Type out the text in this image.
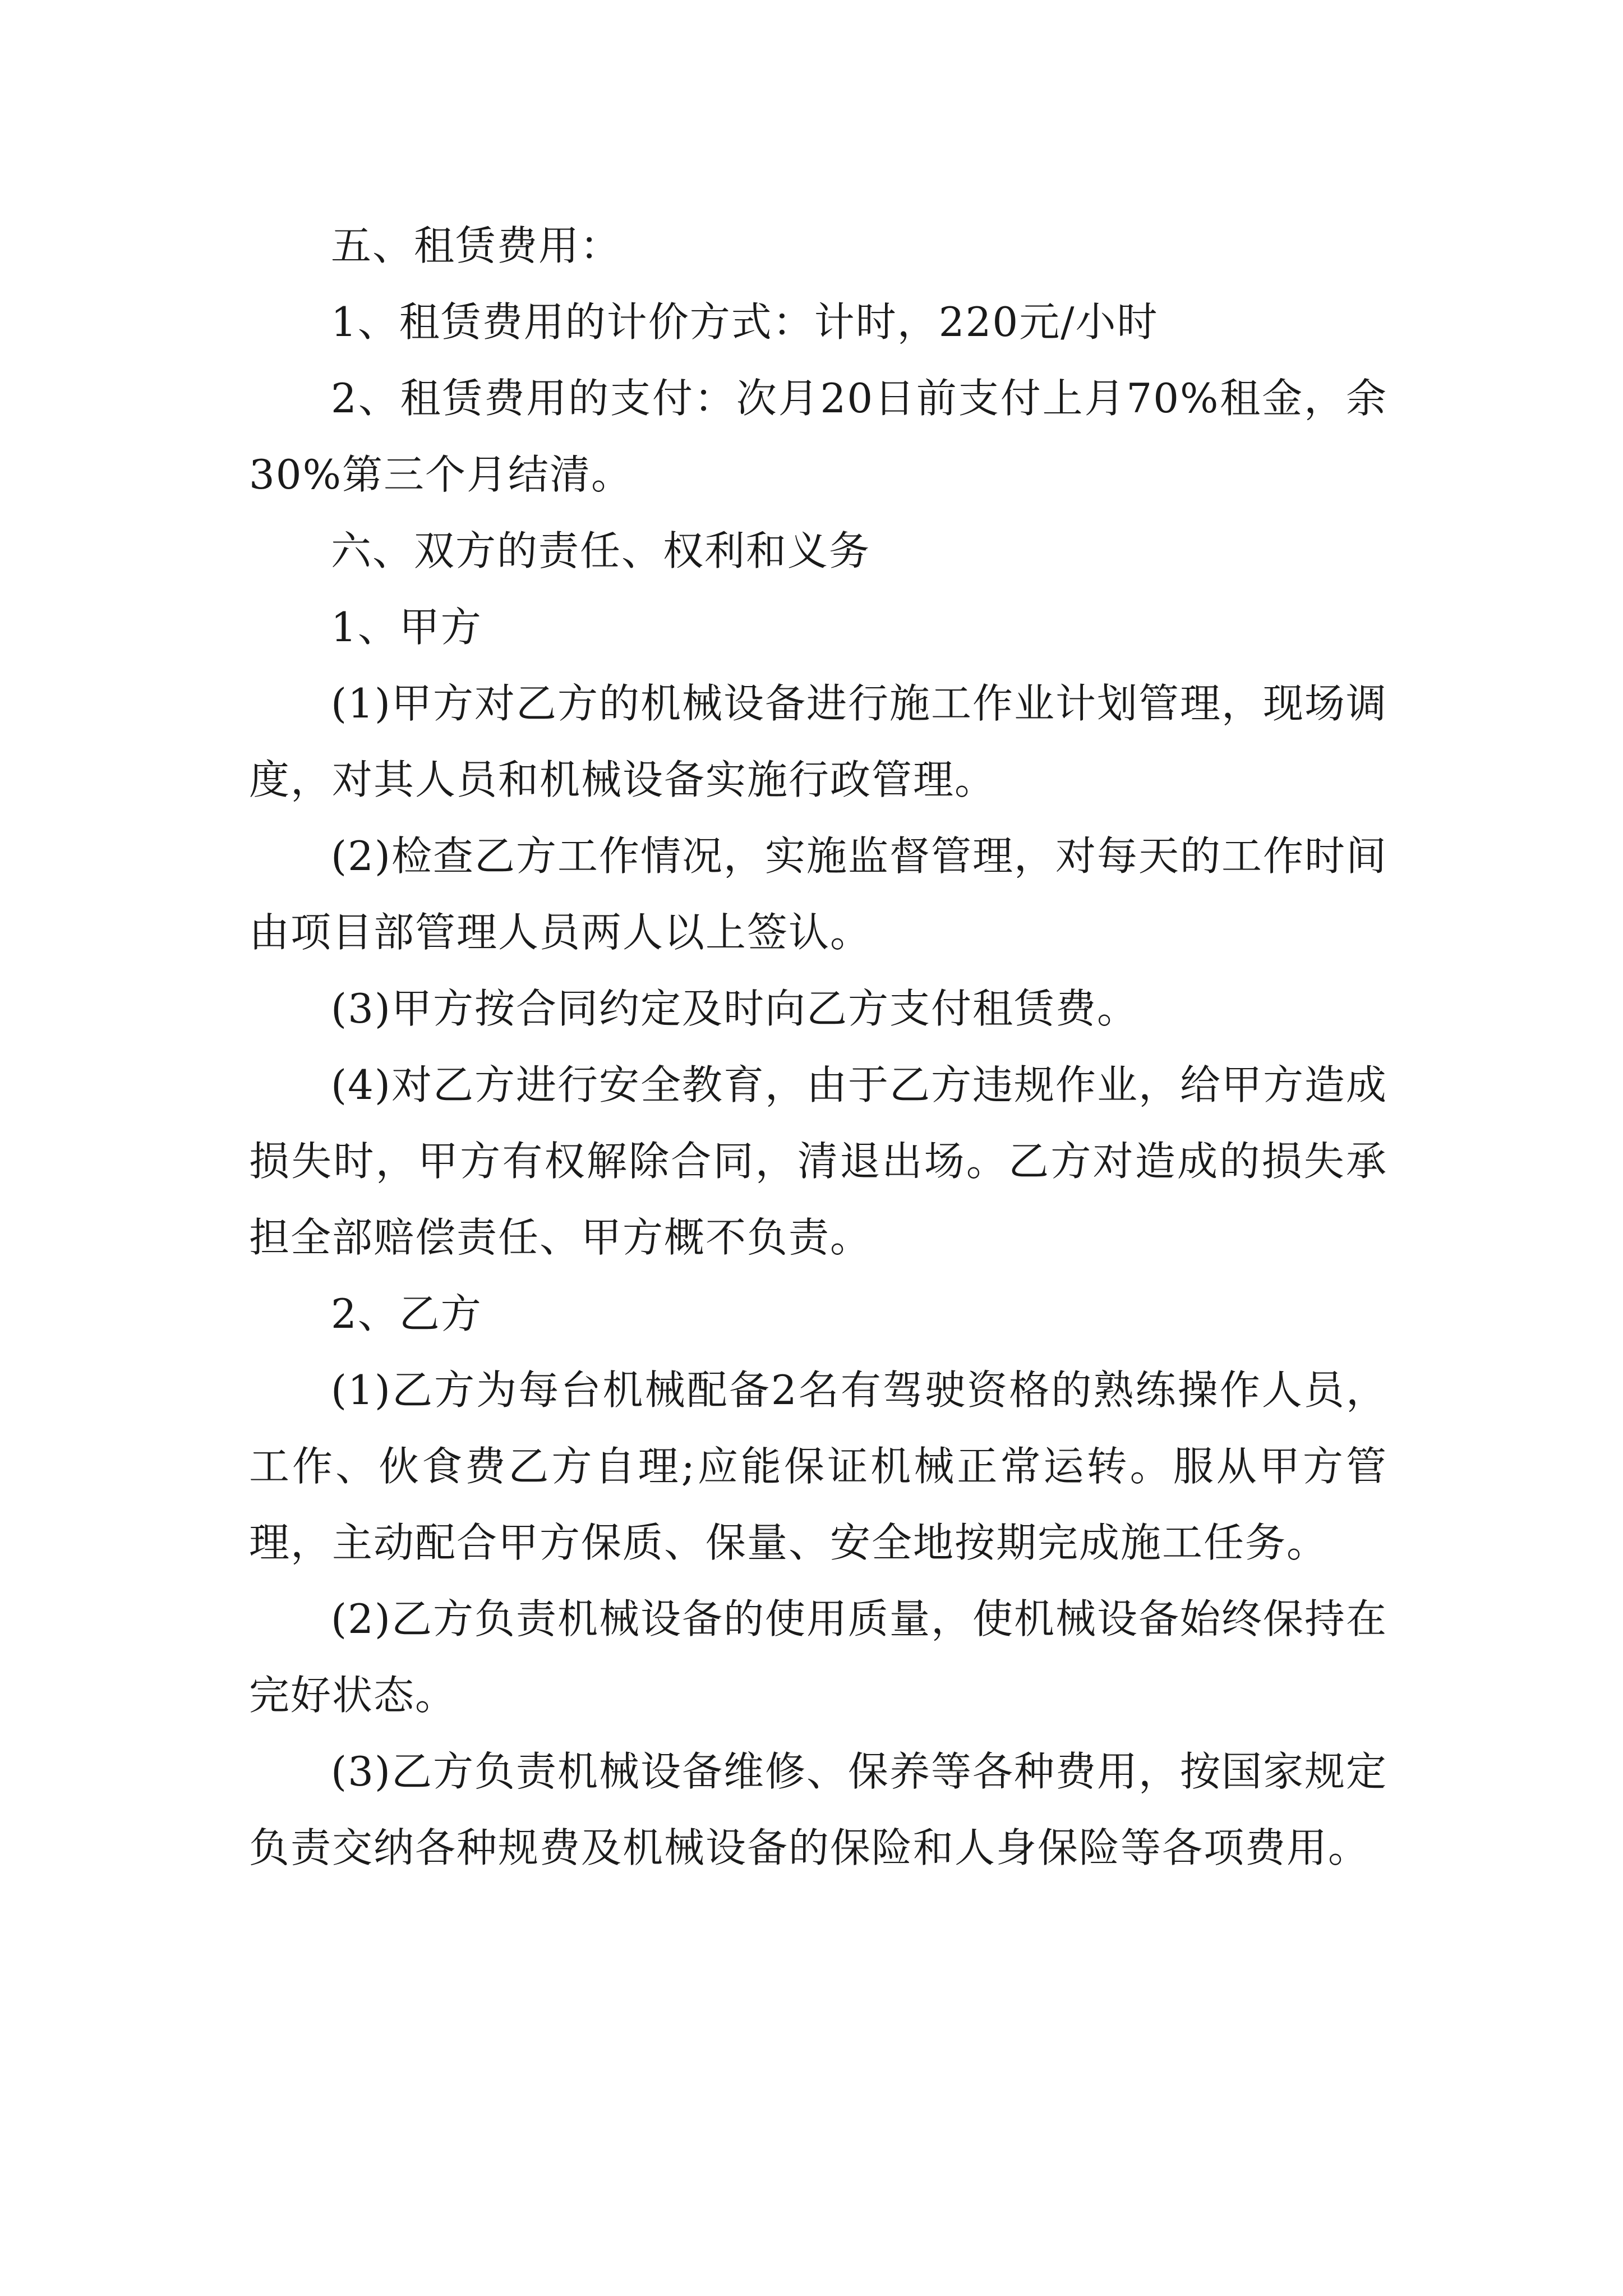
五、租赁费用：

1、租赁费用的计价方式：计时，220元/小时

2、租赁费用的支付：次月20日前支付上月70%租金，余30%第三个月结清。

六、双方的责任、权利和义务

1、甲方

(1)甲方对乙方的机械设备进行施工作业计划管理，现场调度，对其人员和机械设备实施行政管理。

(2)检查乙方工作情况，实施监督管理，对每天的工作时间由项目部管理人员两人以上签认。

(3)甲方按合同约定及时向乙方支付租赁费。

(4)对乙方进行安全教育，由于乙方违规作业，给甲方造成损失时，甲方有权解除合同，清退出场。乙方对造成的损失承担全部赔偿责任、甲方概不负责。

2、乙方

(1)乙方为每台机械配备2名有驾驶资格的熟练操作人员，工作、伙食费乙方自理;应能保证机械正常运转。服从甲方管理，主动配合甲方保质、保量、安全地按期完成施工任务。

(2)乙方负责机械设备的使用质量，使机械设备始终保持在完好状态。

(3)乙方负责机械设备维修、保养等各种费用，按国家规定负责交纳各种规费及机械设备的保险和人身保险等各项费用。
